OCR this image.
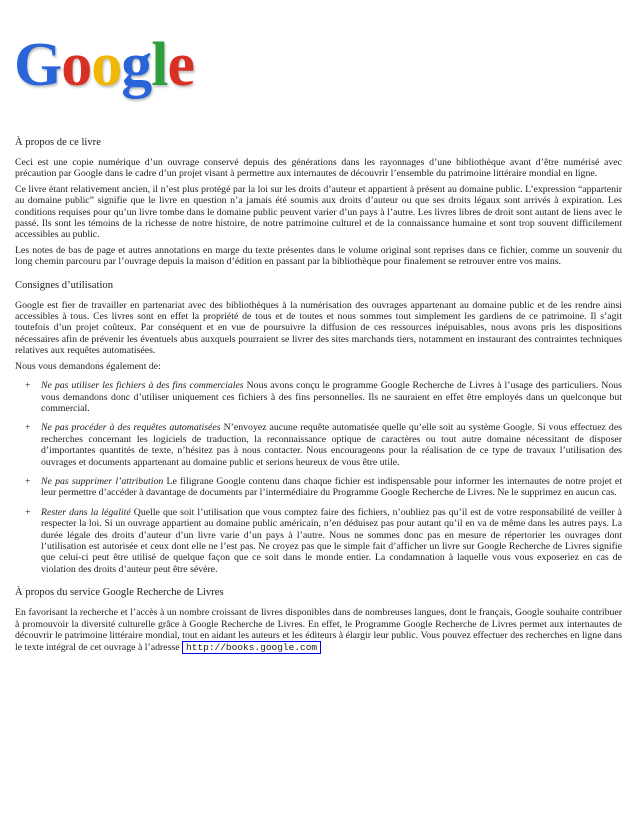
Google
À propos de ce livre

Ceci est une copie numérique d’un ouvrage conservé depuis des générations dans les rayonnages d’une bibliothèque avant d’être numérisé avec précaution par Google dans le cadre d’un projet visant à permettre aux internautes de découvrir l’ensemble du patrimoine littéraire mondial en ligne.

Ce livre étant relativement ancien, il n’est plus protégé par la loi sur les droits d’auteur et appartient à présent au domaine public. L’expression “appartenir au domaine public” signifie que le livre en question n’a jamais été soumis aux droits d’auteur ou que ses droits légaux sont arrivés à expiration. Les conditions requises pour qu’un livre tombe dans le domaine public peuvent varier d’un pays à l’autre. Les livres libres de droit sont autant de liens avec le passé. Ils sont les témoins de la richesse de notre histoire, de notre patrimoine culturel et de la connaissance humaine et sont trop souvent difficilement accessibles au public.

Les notes de bas de page et autres annotations en marge du texte présentes dans le volume original sont reprises dans ce fichier, comme un souvenir du long chemin parcouru par l’ouvrage depuis la maison d’édition en passant par la bibliothèque pour finalement se retrouver entre vos mains.

Consignes d’utilisation

Google est fier de travailler en partenariat avec des bibliothèques à la numérisation des ouvrages appartenant au domaine public et de les rendre ainsi accessibles à tous. Ces livres sont en effet la propriété de tous et de toutes et nous sommes tout simplement les gardiens de ce patrimoine. Il s’agit toutefois d’un projet coûteux. Par conséquent et en vue de poursuivre la diffusion de ces ressources inépuisables, nous avons pris les dispositions nécessaires afin de prévenir les éventuels abus auxquels pourraient se livrer des sites marchands tiers, notamment en instaurant des contraintes techniques relatives aux requêtes automatisées.

Nous vous demandons également de:

+ Ne pas utiliser les fichiers à des fins commerciales Nous avons conçu le programme Google Recherche de Livres à l’usage des particuliers. Nous vous demandons donc d’utiliser uniquement ces fichiers à des fins personnelles. Ils ne sauraient en effet être employés dans un quelconque but commercial.
+ Ne pas procéder à des requêtes automatisées N’envoyez aucune requête automatisée quelle qu’elle soit au système Google. Si vous effectuez des recherches concernant les logiciels de traduction, la reconnaissance optique de caractères ou tout autre domaine nécessitant de disposer d’importantes quantités de texte, n’hésitez pas à nous contacter. Nous encourageons pour la réalisation de ce type de travaux l’utilisation des ouvrages et documents appartenant au domaine public et serions heureux de vous être utile.
+ Ne pas supprimer l’attribution Le filigrane Google contenu dans chaque fichier est indispensable pour informer les internautes de notre projet et leur permettre d’accéder à davantage de documents par l’intermédiaire du Programme Google Recherche de Livres. Ne le supprimez en aucun cas.
+ Rester dans la légalité Quelle que soit l’utilisation que vous comptez faire des fichiers, n’oubliez pas qu’il est de votre responsabilité de veiller à respecter la loi. Si un ouvrage appartient au domaine public américain, n’en déduisez pas pour autant qu’il en va de même dans les autres pays. La durée légale des droits d’auteur d’un livre varie d’un pays à l’autre. Nous ne sommes donc pas en mesure de répertorier les ouvrages dont l’utilisation est autorisée et ceux dont elle ne l’est pas. Ne croyez pas que le simple fait d’afficher un livre sur Google Recherche de Livres signifie que celui-ci peut être utilisé de quelque façon que ce soit dans le monde entier. La condamnation à laquelle vous vous exposeriez en cas de violation des droits d’auteur peut être sévère.
À propos du service Google Recherche de Livres

En favorisant la recherche et l’accès à un nombre croissant de livres disponibles dans de nombreuses langues, dont le français, Google souhaite contribuer à promouvoir la diversité culturelle grâce à Google Recherche de Livres. En effet, le Programme Google Recherche de Livres permet aux internautes de découvrir le patrimoine littéraire mondial, tout en aidant les auteurs et les éditeurs à élargir leur public. Vous pouvez effectuer des recherches en ligne dans le texte intégral de cet ouvrage à l’adresse http://books.google.com
